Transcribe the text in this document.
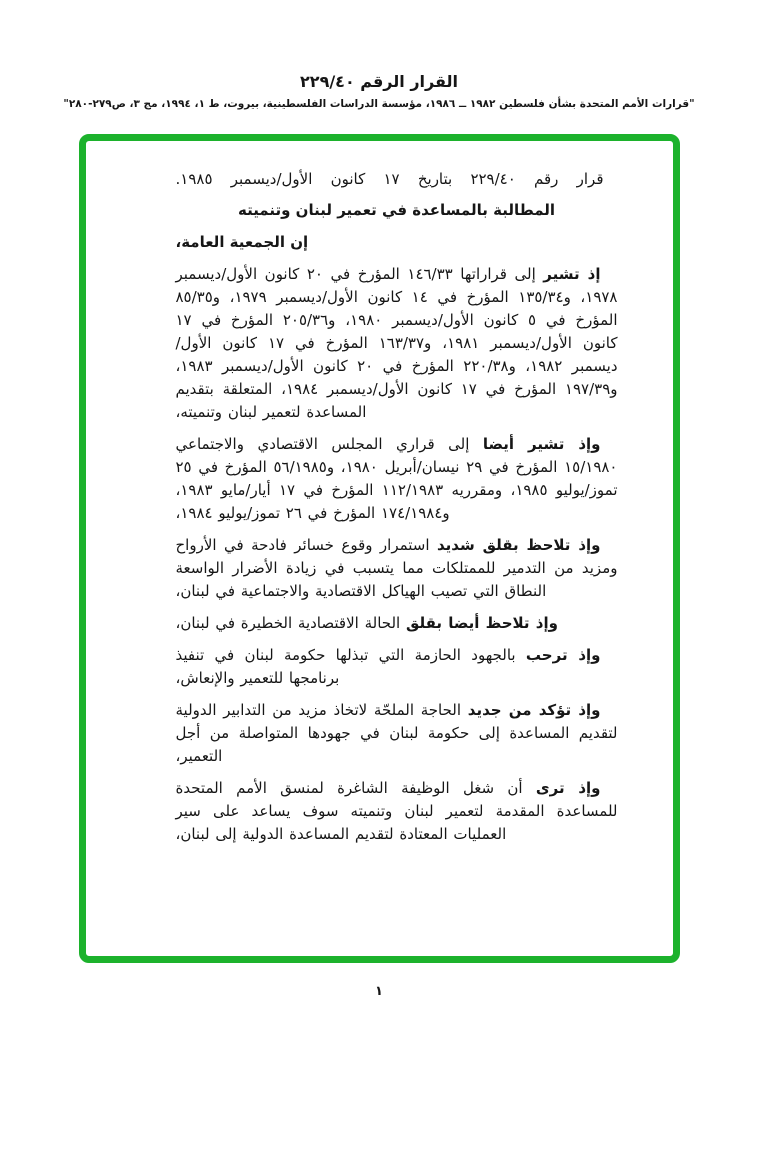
القرار الرقم ٢٢٩/٤٠

"قرارات الأمم المتحدة بشأن فلسطين ١٩٨٢ ــ ١٩٨٦، مؤسسة الدراسات الفلسطينية، بيروت، ط ١، ١٩٩٤، مج ٣، ص٢٧٩-٢٨٠"

قرار رقم ٢٢٩/٤٠ بتاريخ ١٧ كانون الأول/ديسمبر ١٩٨٥.

المطالبة بالمساعدة في تعمير لبنان وتنميته

إن الجمعية العامة،

إذ تشير إلى قراراتها ١٤٦/٣٣ المؤرخ في ٢٠ كانون الأول/ديسمبر ١٩٧٨، و١٣٥/٣٤ المؤرخ في ١٤ كانون الأول/ديسمبر ١٩٧٩، و٨٥/٣٥ المؤرخ في ٥ كانون الأول/ديسمبر ١٩٨٠، و٢٠٥/٣٦ المؤرخ في ١٧ كانون الأول/ديسمبر ١٩٨١، و١٦٣/٣٧ المؤرخ في ١٧ كانون الأول/ديسمبر ١٩٨٢، و٢٢٠/٣٨ المؤرخ في ٢٠ كانون الأول/ديسمبر ١٩٨٣، و١٩٧/٣٩ المؤرخ في ١٧ كانون الأول/ديسمبر ١٩٨٤، المتعلقة بتقديم المساعدة لتعمير لبنان وتنميته،

وإذ تشير أيضا إلى قراري المجلس الاقتصادي والاجتماعي ١٥/١٩٨٠ المؤرخ في ٢٩ نيسان/أبريل ١٩٨٠، و٥٦/١٩٨٥ المؤرخ في ٢٥ تموز/يوليو ١٩٨٥، ومقرريه ١١٢/١٩٨٣ المؤرخ في ١٧ أيار/مايو ١٩٨٣، و١٧٤/١٩٨٤ المؤرخ في ٢٦ تموز/يوليو ١٩٨٤،

وإذ تلاحظ بقلق شديد استمرار وقوع خسائر فادحة في الأرواح ومزيد من التدمير للممتلكات مما يتسبب في زيادة الأضرار الواسعة النطاق التي تصيب الهياكل الاقتصادية والاجتماعية في لبنان،

وإذ تلاحظ أيضا بقلق الحالة الاقتصادية الخطيرة في لبنان،

وإذ ترحب بالجهود الحازمة التي تبذلها حكومة لبنان في تنفيذ برنامجها للتعمير والإنعاش،

وإذ تؤكد من جديد الحاجة الملحّة لاتخاذ مزيد من التدابير الدولية لتقديم المساعدة إلى حكومة لبنان في جهودها المتواصلة من أجل التعمير،

وإذ ترى أن شغل الوظيفة الشاغرة لمنسق الأمم المتحدة للمساعدة المقدمة لتعمير لبنان وتنميته سوف يساعد على سير العمليات المعتادة لتقديم المساعدة الدولية إلى لبنان،

١
